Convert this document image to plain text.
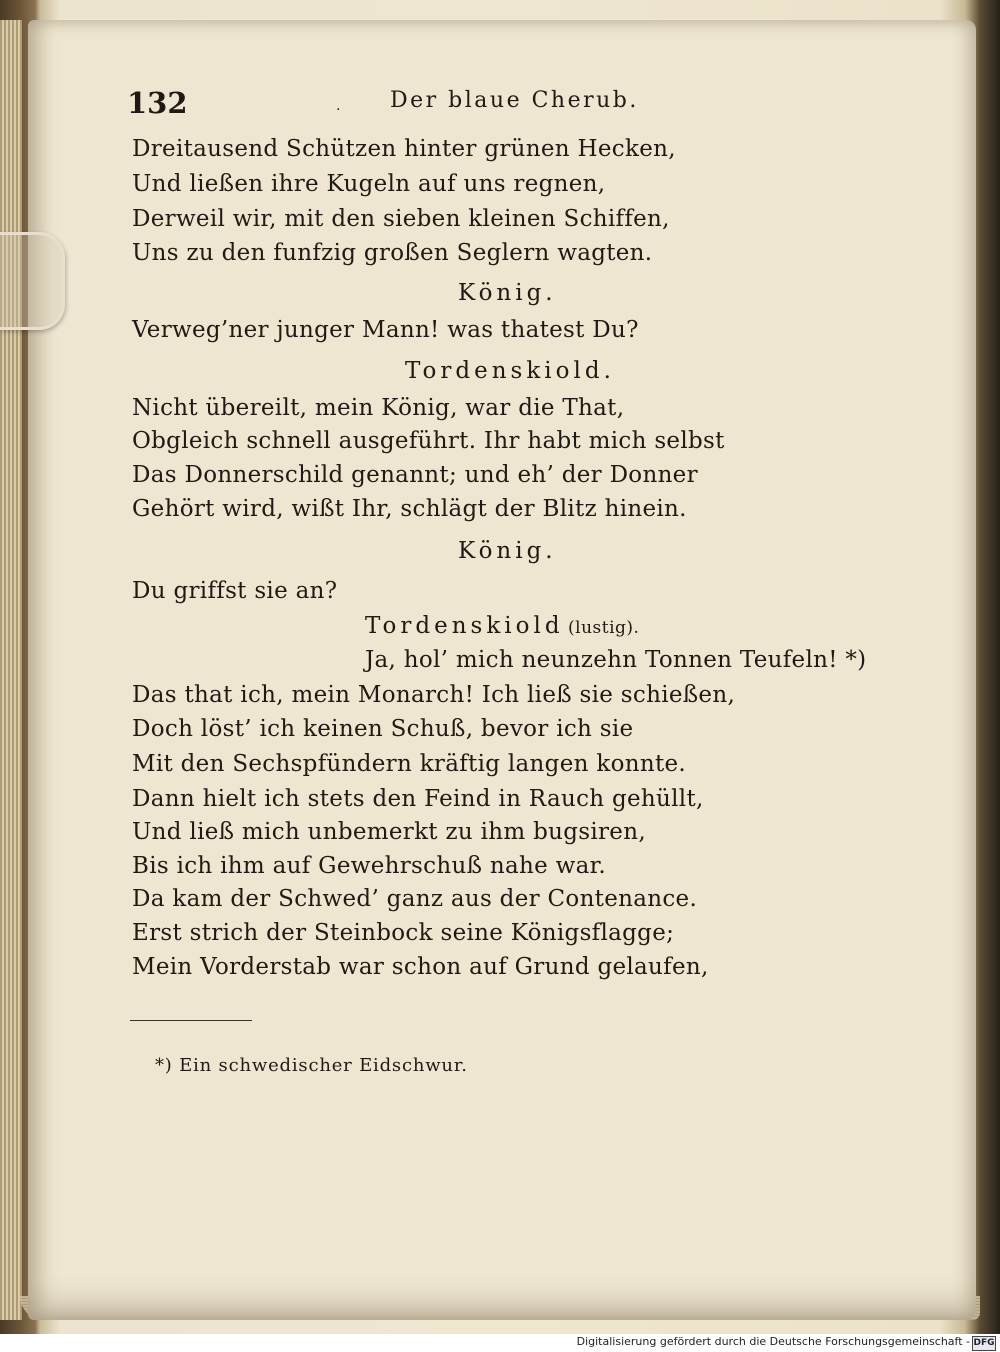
132	. Der blaue Cherub.
Dreitausend Schützen hinter grünen Hecken,
Und ließen ihre Kugeln auf uns regnen,
Derweil wir, mit den sieben kleinen Schiffen,
Uns zu den funfzig großen Seglern wagten.
König.
Verweg’ner junger Mann! was thatest Du?
Tordenskiold.
Nicht übereilt, mein König, war die That,
Obgleich schnell ausgeführt. Ihr habt mich selbst
Das Donnerschild genannt; und eh’ der Donner
Gehört wird, wißt Ihr, schlägt der Blitz hinein.
König.
Du griffst sie an?
Tordenskiold (lustig).
Ja, hol’ mich neunzehn Tonnen Teufeln! *)
Das that ich, mein Monarch! Ich ließ sie schießen,
Doch löst’ ich keinen Schuß, bevor ich sie
Mit den Sechspfündern kräftig langen konnte.
Dann hielt ich stets den Feind in Rauch gehüllt,
Und ließ mich unbemerkt zu ihm bugsiren,
Bis ich ihm auf Gewehrschuß nahe war.
Da kam der Schwed’ ganz aus der Contenance.
Erst strich der Steinbock seine Königsflagge;
Mein Vorderstab war schon auf Grund gelaufen,
*) Ein schwedischer Eidschwur.
Digitalisierung gefördert durch die Deutsche Forschungsgemeinschaft - DFG
